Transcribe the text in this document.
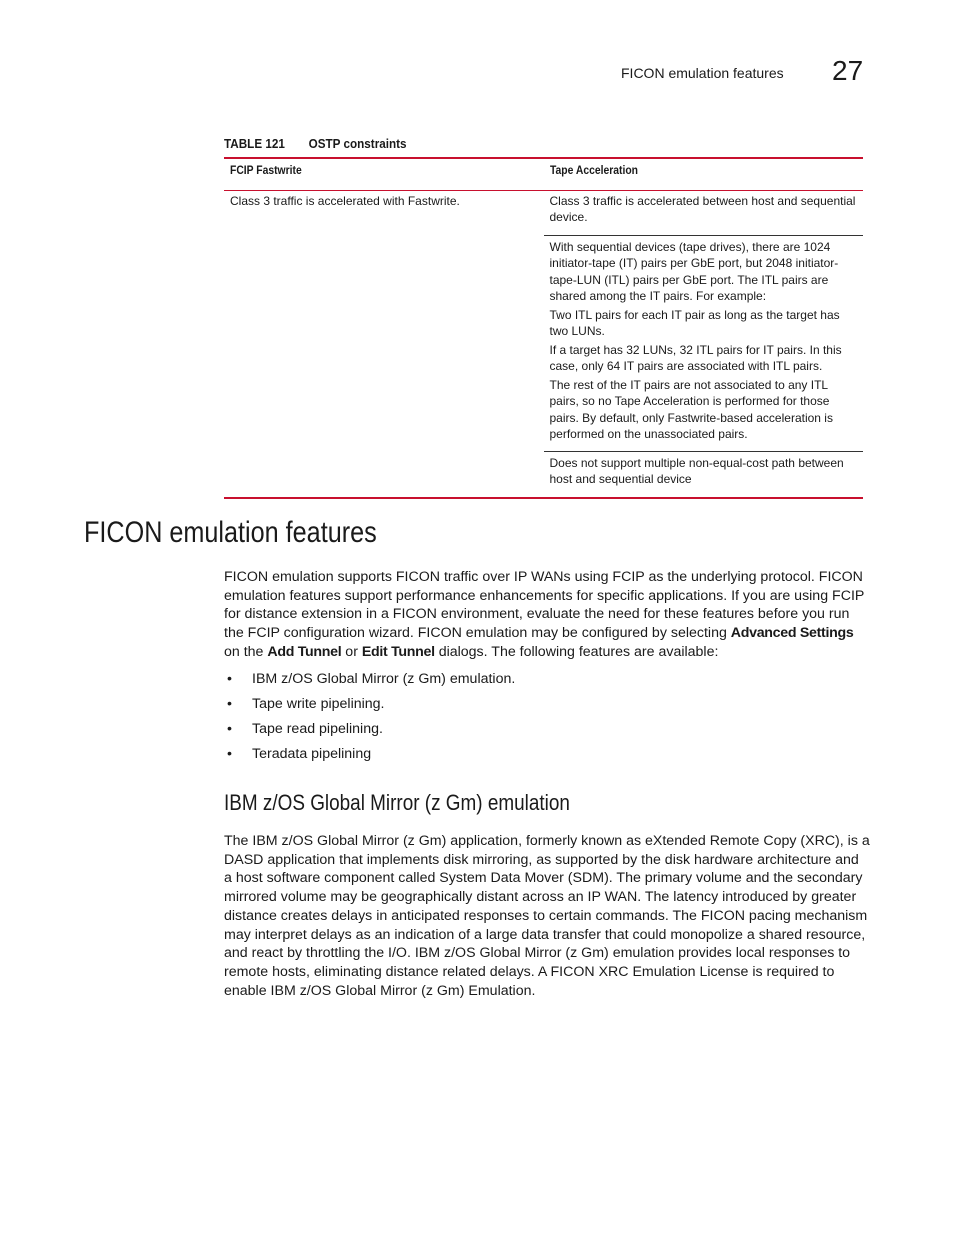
FICON emulation features 27
TABLE 121 OSTP constraints
FCIP Fastwrite	Tape Acceleration

Class 3 traffic is accelerated with Fastwrite.	Class 3 traffic is accelerated between host and sequential device.

	With sequential devices (tape drives), there are 1024 initiator-tape (IT) pairs per GbE port, but 2048 initiator-tape-LUN (ITL) pairs per GbE port. The ITL pairs are shared among the IT pairs. For example:

Two ITL pairs for each IT pair as long as the target has two LUNs.

If a target has 32 LUNs, 32 ITL pairs for IT pairs. In this case, only 64 IT pairs are associated with ITL pairs.

The rest of the IT pairs are not associated to any ITL pairs, so no Tape Acceleration is performed for those pairs. By default, only Fastwrite-based acceleration is performed on the unassociated pairs.

	Does not support multiple non-equal-cost path between host and sequential device

FICON emulation features

FICON emulation supports FICON traffic over IP WANs using FCIP as the underlying protocol. FICON emulation features support performance enhancements for specific applications. If you are using FCIP for distance extension in a FICON environment, evaluate the need for these features before you run the FCIP configuration wizard. FICON emulation may be configured by selecting Advanced Settings on the Add Tunnel or Edit Tunnel dialogs. The following features are available:

• IBM z/OS Global Mirror (z Gm) emulation.
• Tape write pipelining.
• Tape read pipelining.
• Teradata pipelining
IBM z/OS Global Mirror (z Gm) emulation

The IBM z/OS Global Mirror (z Gm) application, formerly known as eXtended Remote Copy (XRC), is a DASD application that implements disk mirroring, as supported by the disk hardware architecture and a host software component called System Data Mover (SDM). The primary volume and the secondary mirrored volume may be geographically distant across an IP WAN. The latency introduced by greater distance creates delays in anticipated responses to certain commands. The FICON pacing mechanism may interpret delays as an indication of a large data transfer that could monopolize a shared resource, and react by throttling the I/O. IBM z/OS Global Mirror (z Gm) emulation provides local responses to remote hosts, eliminating distance related delays. A FICON XRC Emulation License is required to enable IBM z/OS Global Mirror (z Gm) Emulation.
